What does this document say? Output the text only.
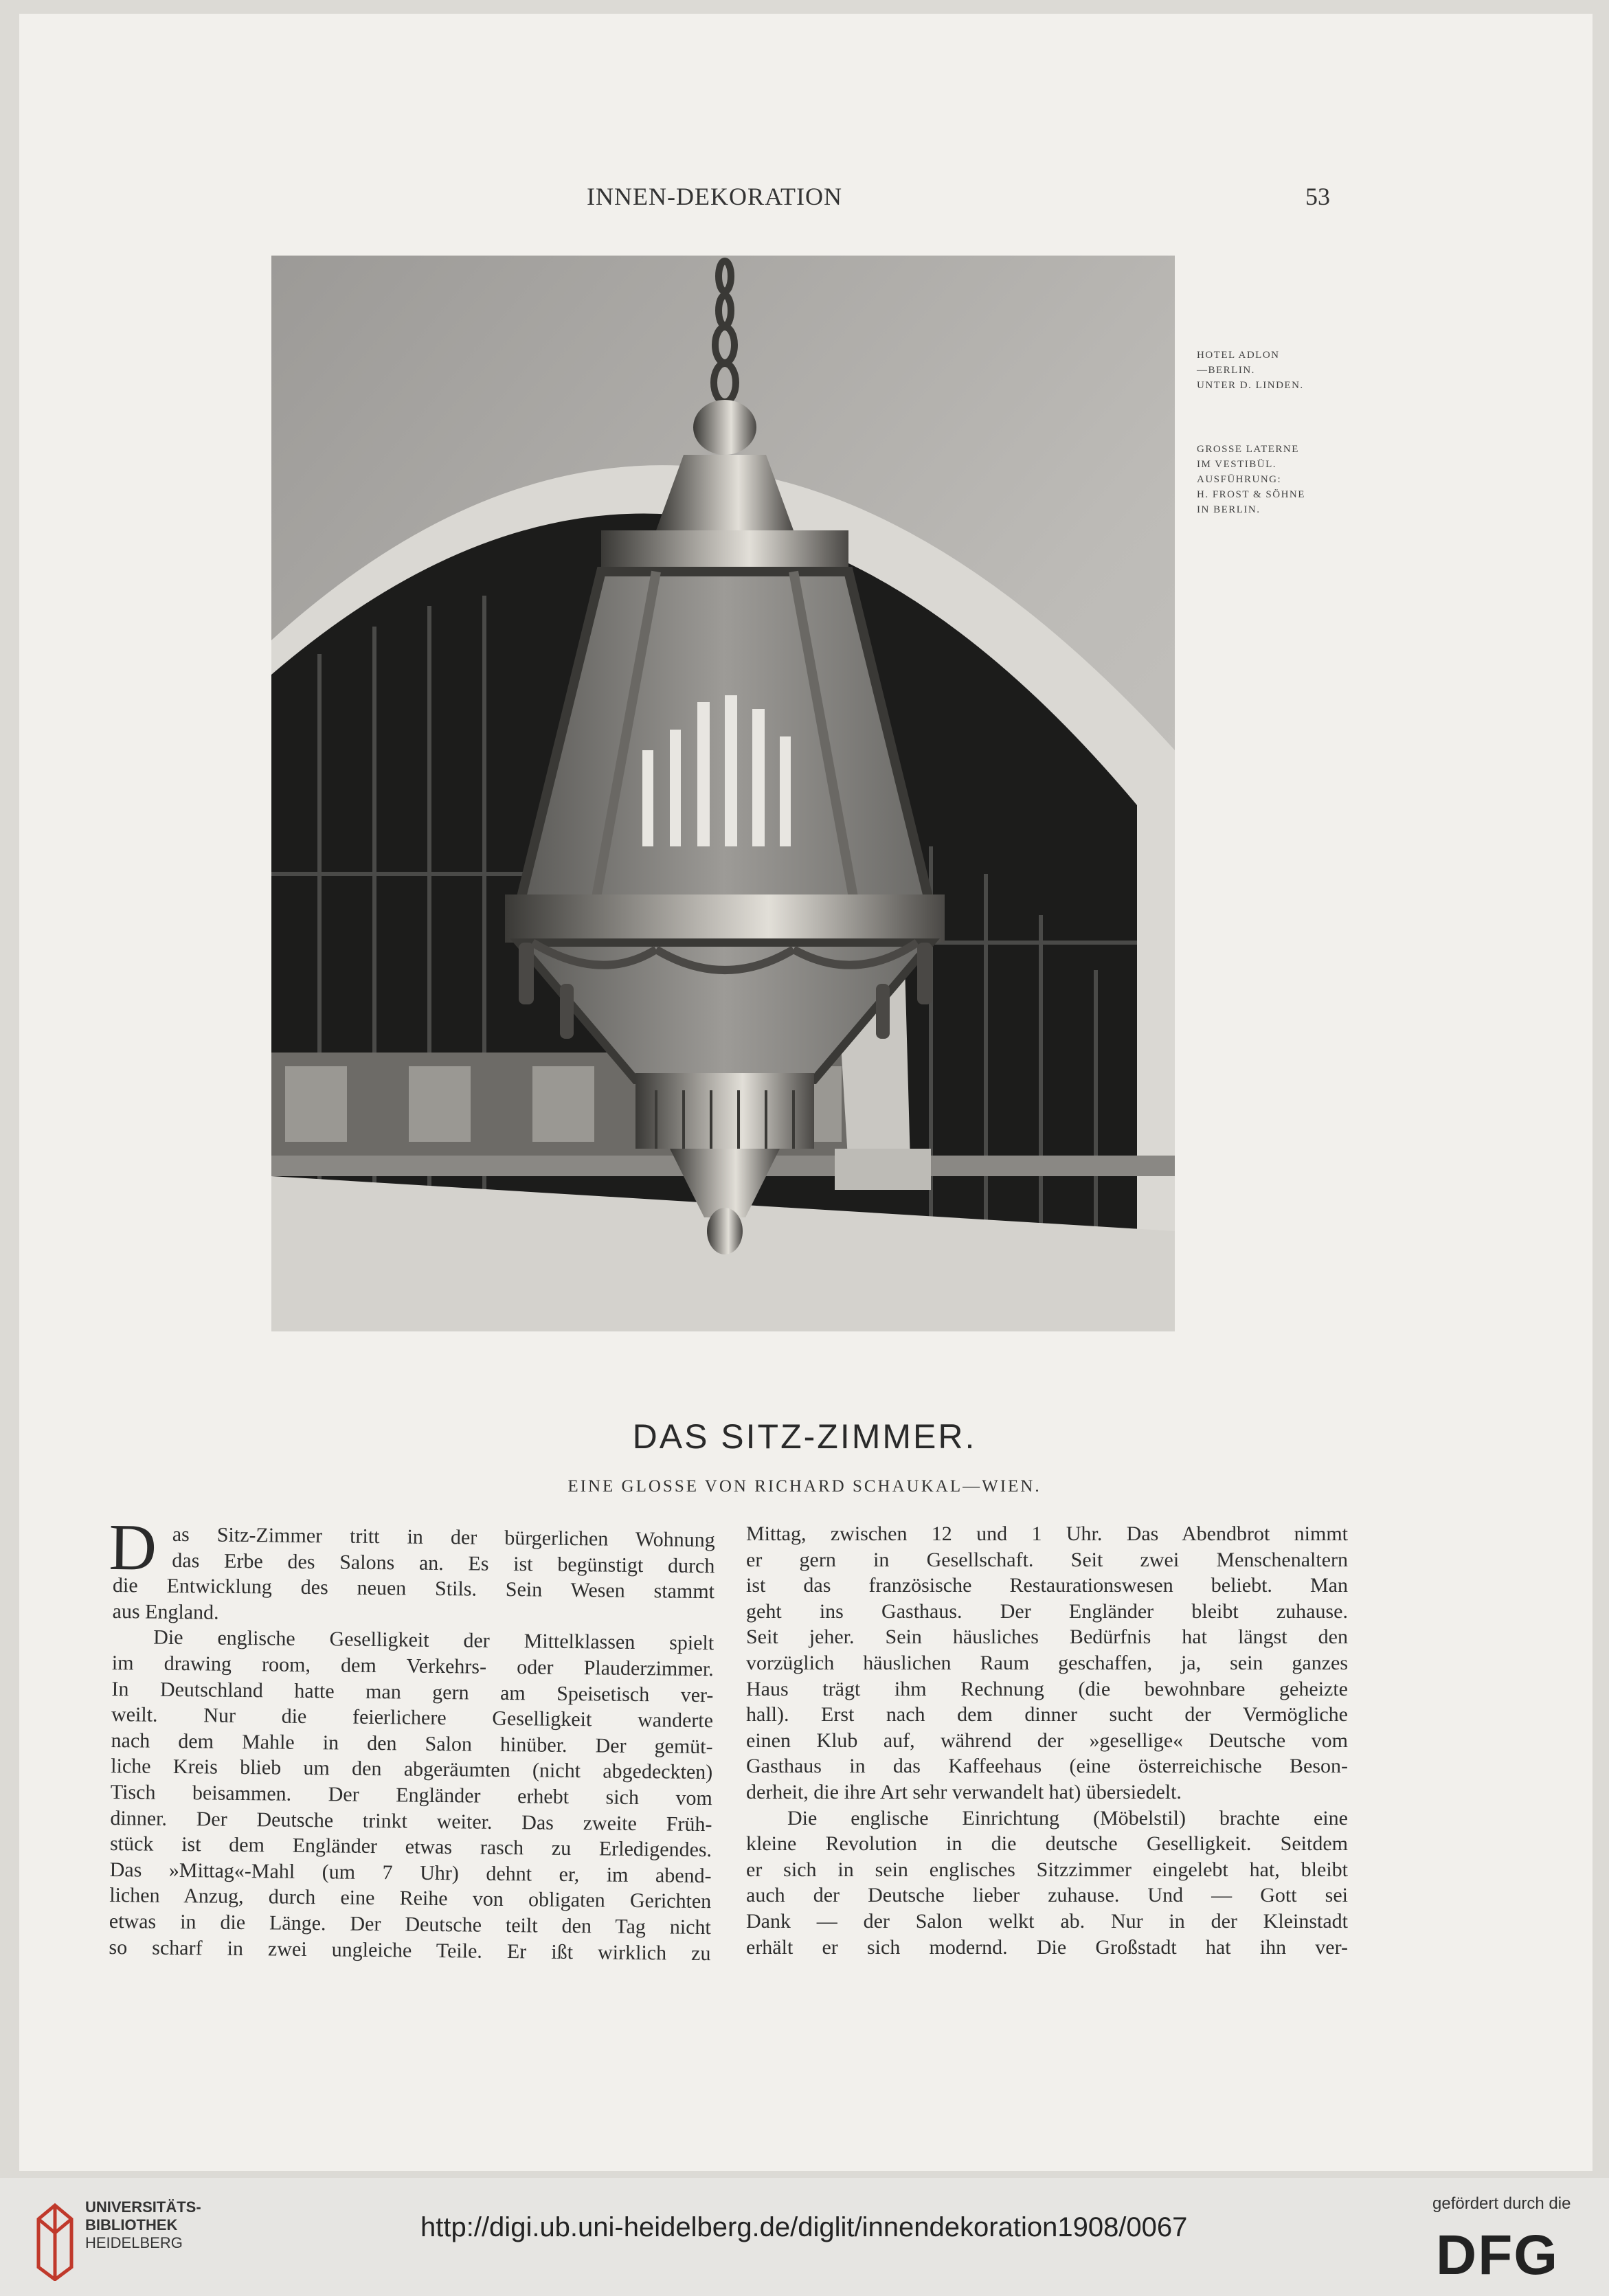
INNEN-DEKORATION	53
HOTEL ADLON
—BERLIN.
UNTER D. LINDEN.
GROSSE LATERNE
IM VESTIBÜL.
AUSFÜHRUNG:
H. FROST & SÖHNE
IN BERLIN.
DAS SITZ-ZIMMER.
EINE GLOSSE VON RICHARD SCHAUKAL—WIEN.
D as Sitz-Zimmer tritt in der bürgerlichen Wohnung
das Erbe des Salons an. Es ist begünstigt durch
die Entwicklung des neuen Stils. Sein Wesen stammt
aus England.
Die englische Geselligkeit der Mittelklassen spielt
im drawing room, dem Verkehrs- oder Plauderzimmer.
In Deutschland hatte man gern am Speisetisch ver-
weilt. Nur die feierlichere Geselligkeit wanderte
nach dem Mahle in den Salon hinüber. Der gemüt-
liche Kreis blieb um den abgeräumten (nicht abgedeckten)
Tisch beisammen. Der Engländer erhebt sich vom
dinner. Der Deutsche trinkt weiter. Das zweite Früh-
stück ist dem Engländer etwas rasch zu Erledigendes.
Das »Mittag«-Mahl (um 7 Uhr) dehnt er, im abend-
lichen Anzug, durch eine Reihe von obligaten Gerichten
etwas in die Länge. Der Deutsche teilt den Tag nicht
so scharf in zwei ungleiche Teile. Er ißt wirklich zu
Mittag, zwischen 12 und 1 Uhr. Das Abendbrot nimmt
er gern in Gesellschaft. Seit zwei Menschenaltern
ist das französische Restaurationswesen beliebt. Man
geht ins Gasthaus. Der Engländer bleibt zuhause.
Seit jeher. Sein häusliches Bedürfnis hat längst den
vorzüglich häuslichen Raum geschaffen, ja, sein ganzes
Haus trägt ihm Rechnung (die bewohnbare geheizte
hall). Erst nach dem dinner sucht der Vermögliche
einen Klub auf, während der »gesellige« Deutsche vom
Gasthaus in das Kaffeehaus (eine österreichische Beson-
derheit, die ihre Art sehr verwandelt hat) übersiedelt.
Die englische Einrichtung (Möbelstil) brachte eine
kleine Revolution in die deutsche Geselligkeit. Seitdem
er sich in sein englisches Sitzzimmer eingelebt hat, bleibt
auch der Deutsche lieber zuhause. Und — Gott sei
Dank — der Salon welkt ab. Nur in der Kleinstadt
erhält er sich modernd. Die Großstadt hat ihn ver-
UNIVERSITÄTS-
BIBLIOTHEK
HEIDELBERG
http://digi.ub.uni-heidelberg.de/diglit/innendekoration1908/0067
gefördert durch die
DFG
